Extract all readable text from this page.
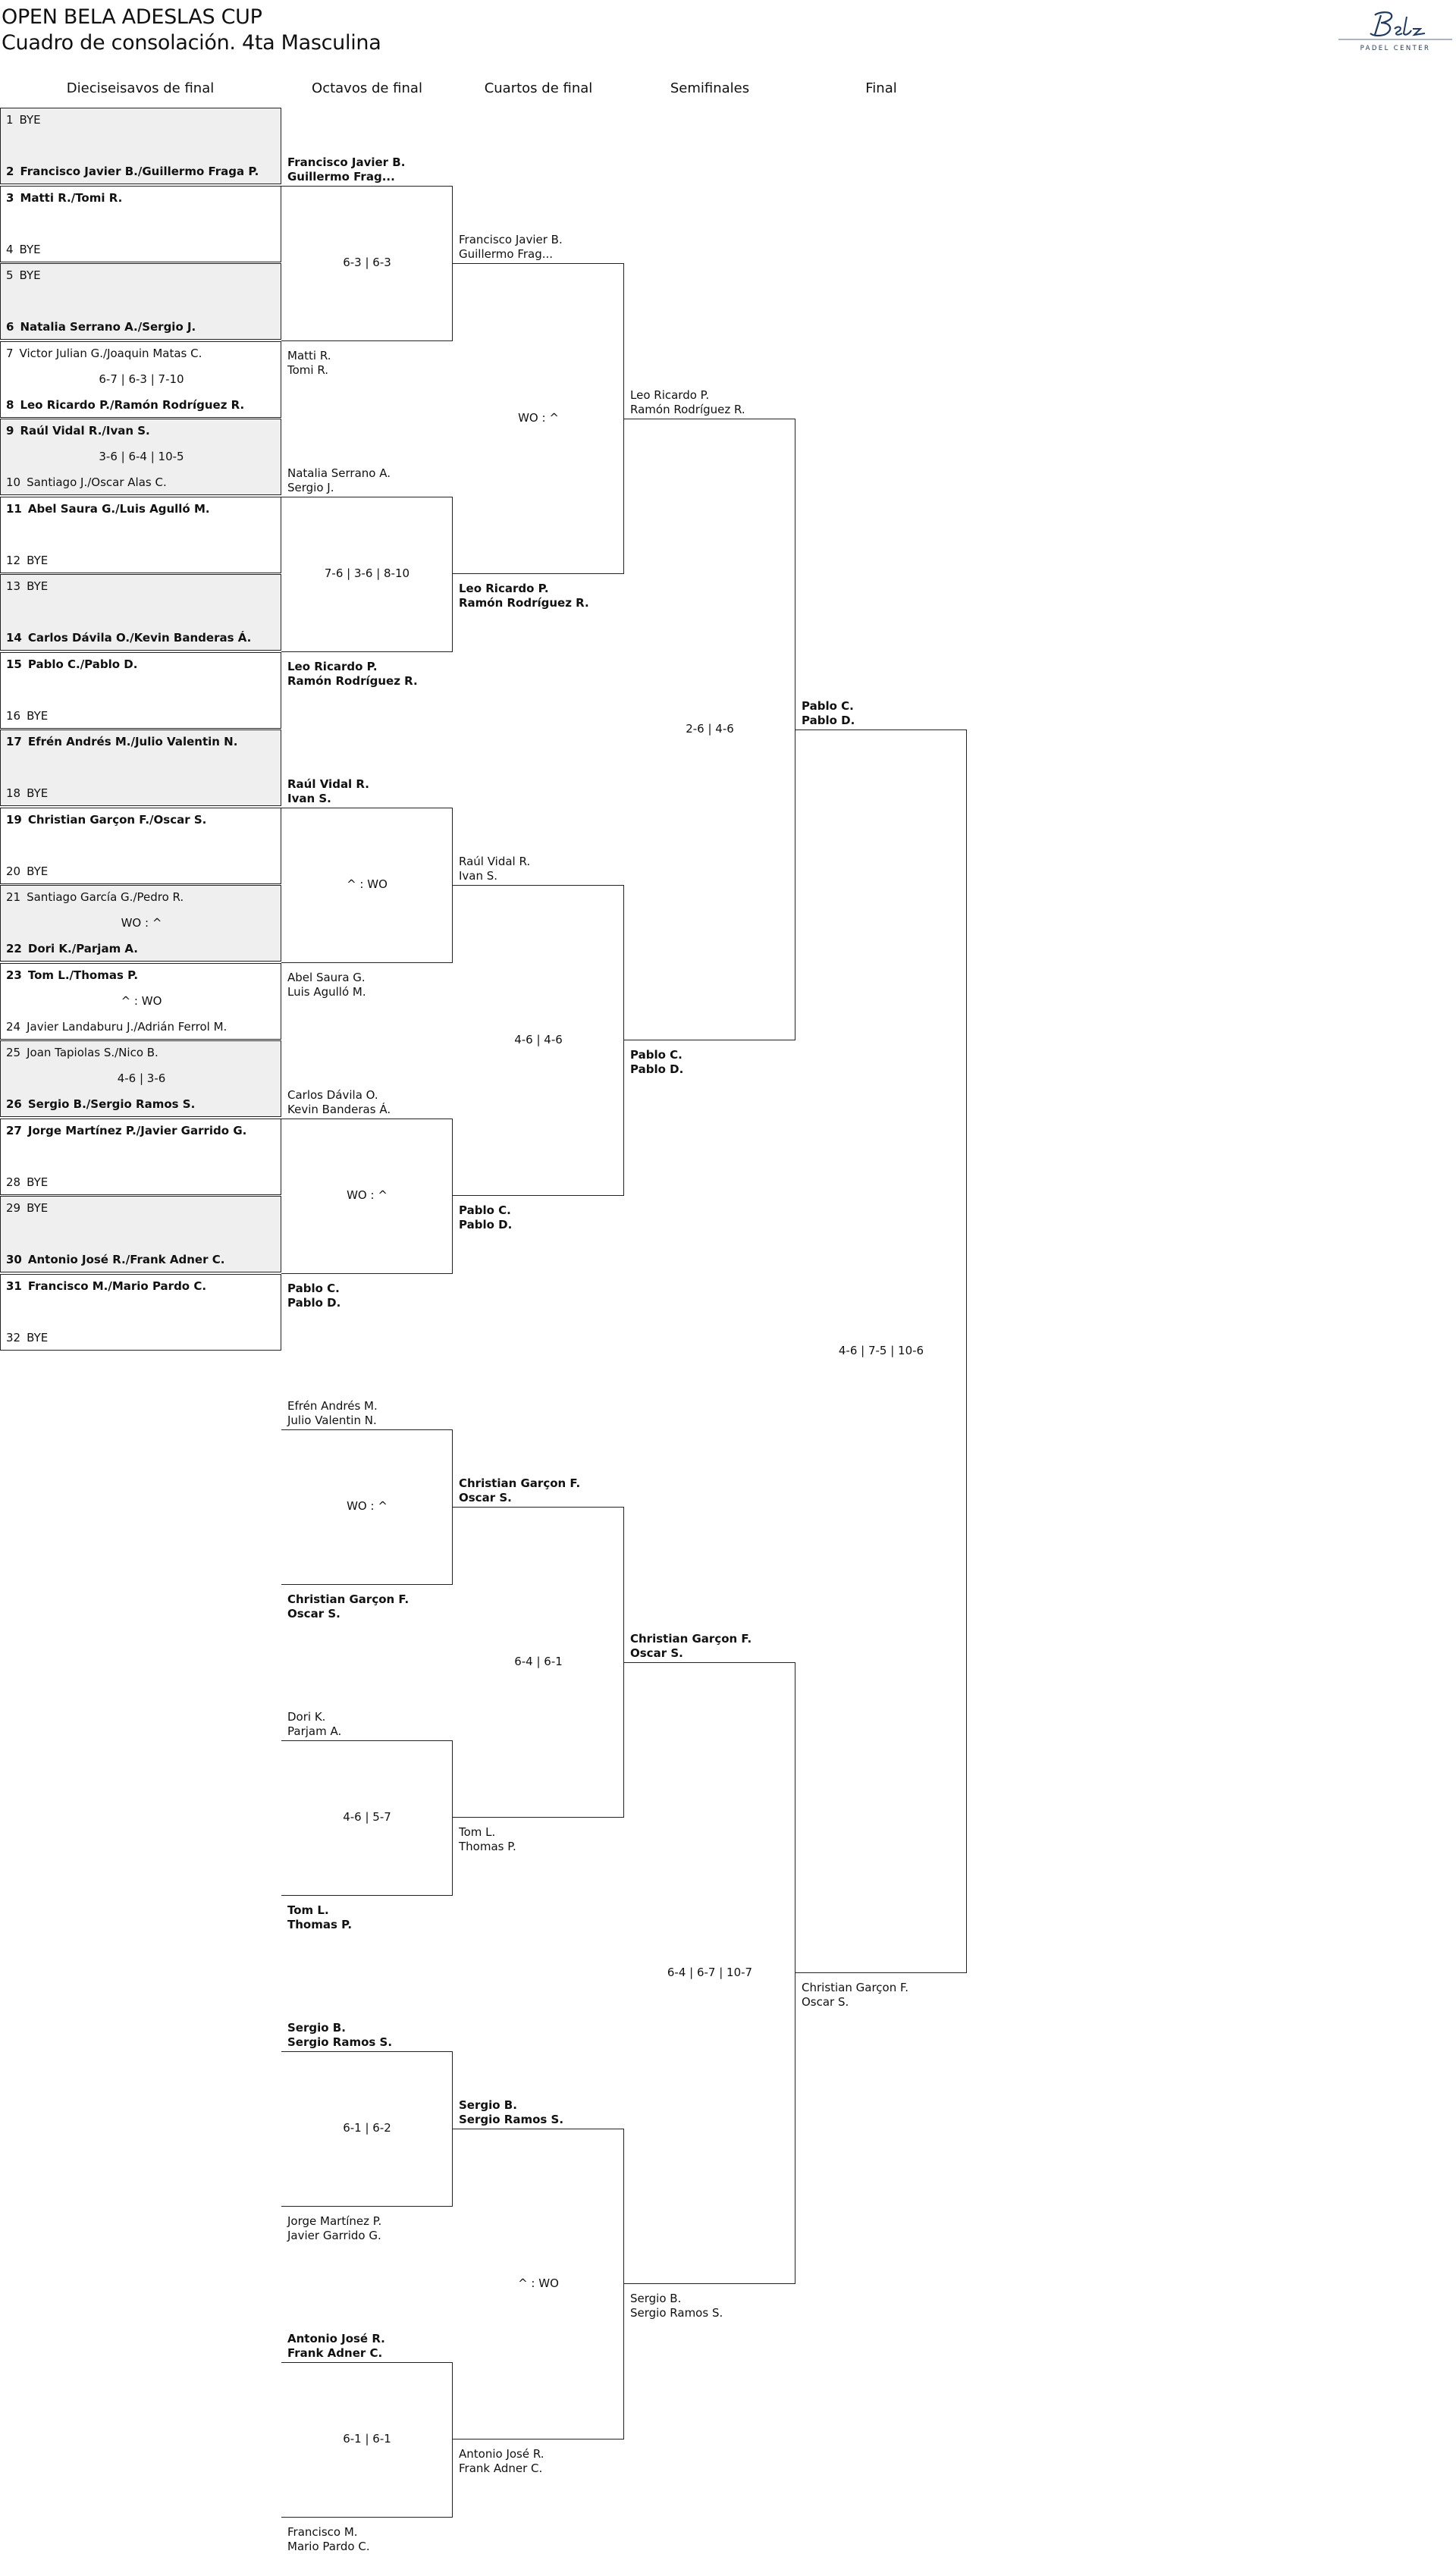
OPEN BELA ADESLAS CUP
Cuadro de consolación. 4ta Masculina	PADEL CENTER
Dieciseisavos de final	Octavos de final	Cuartos de final	Semifinales	Final
1 BYE
2 Francisco Javier B./Guillermo Fraga P.
3 Matti R./Tomi R.
4 BYE
5 BYE
6 Natalia Serrano A./Sergio J.
7 Victor Julian G./Joaquin Matas C.
8 Leo Ricardo P./Ramón Rodríguez R.
6-7 | 6-3 | 7-10
9 Raúl Vidal R./Ivan S.
10 Santiago J./Oscar Alas C.
3-6 | 6-4 | 10-5
11 Abel Saura G./Luis Agulló M.
12 BYE
13 BYE
14 Carlos Dávila O./Kevin Banderas Á.
15 Pablo C./Pablo D.
16 BYE
17 Efrén Andrés M./Julio Valentin N.
18 BYE
19 Christian Garçon F./Oscar S.
20 BYE
21 Santiago García G./Pedro R.
22 Dori K./Parjam A.
WO : ^
23 Tom L./Thomas P.
24 Javier Landaburu J./Adrián Ferrol M.
^ : WO
25 Joan Tapiolas S./Nico B.
26 Sergio B./Sergio Ramos S.
4-6 | 3-6
27 Jorge Martínez P./Javier Garrido G.
28 BYE
29 BYE
30 Antonio José R./Frank Adner C.
31 Francisco M./Mario Pardo C.
32 BYE
Francisco Javier B.
Guillermo Frag...
Matti R.
Tomi R.
6-3 | 6-3
Natalia Serrano A.
Sergio J.
Leo Ricardo P.
Ramón Rodríguez R.
7-6 | 3-6 | 8-10
Raúl Vidal R.
Ivan S.
Abel Saura G.
Luis Agulló M.
^ : WO
Carlos Dávila O.
Kevin Banderas Á.
Pablo C.
Pablo D.
WO : ^
Efrén Andrés M.
Julio Valentin N.
Christian Garçon F.
Oscar S.
WO : ^
Dori K.
Parjam A.
Tom L.
Thomas P.
4-6 | 5-7
Sergio B.
Sergio Ramos S.
Jorge Martínez P.
Javier Garrido G.
6-1 | 6-2
Antonio José R.
Frank Adner C.
Francisco M.
Mario Pardo C.
6-1 | 6-1
Francisco Javier B.
Guillermo Frag...
Leo Ricardo P.
Ramón Rodríguez R.
WO : ^
Raúl Vidal R.
Ivan S.
Pablo C.
Pablo D.
4-6 | 4-6
Christian Garçon F.
Oscar S.
Tom L.
Thomas P.
6-4 | 6-1
Sergio B.
Sergio Ramos S.
Antonio José R.
Frank Adner C.
^ : WO
Leo Ricardo P.
Ramón Rodríguez R.
Pablo C.
Pablo D.
2-6 | 4-6
Christian Garçon F.
Oscar S.
Sergio B.
Sergio Ramos S.
6-4 | 6-7 | 10-7
Pablo C.
Pablo D.
Christian Garçon F.
Oscar S.
4-6 | 7-5 | 10-6
